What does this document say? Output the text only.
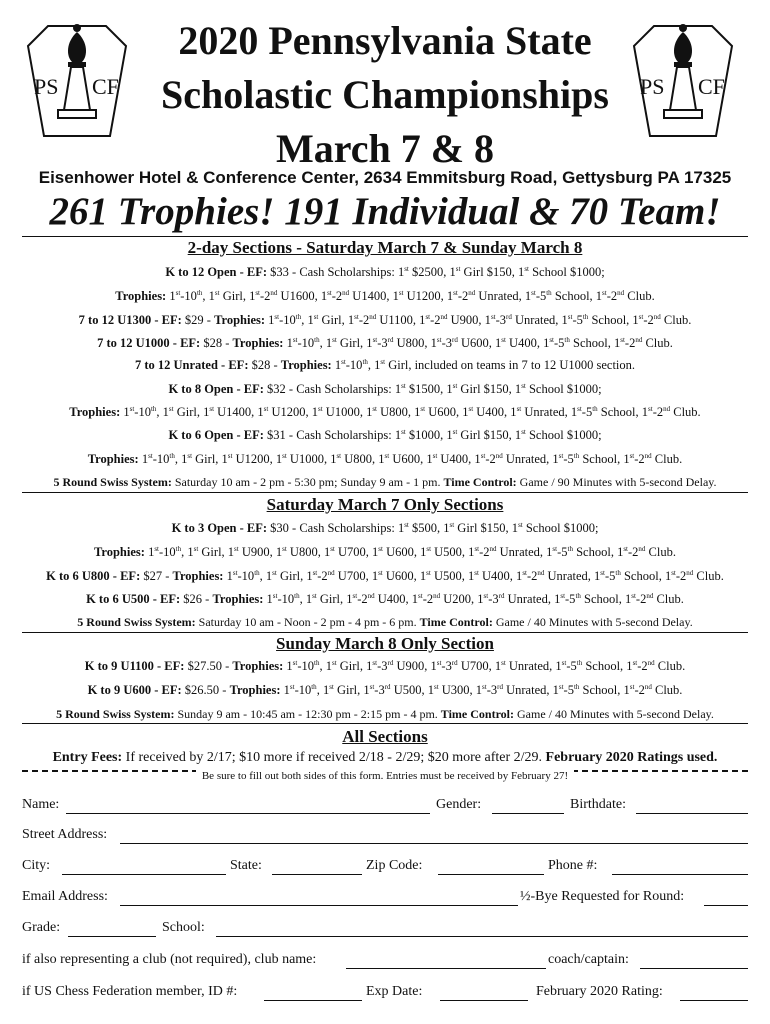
PS CF	PS CF
2020 Pennsylvania State
Scholastic Championships
March 7 & 8
Eisenhower Hotel & Conference Center, 2634 Emmitsburg Road, Gettysburg PA 17325
261 Trophies! 191 Individual & 70 Team!
2-day Sections - Saturday March 7 & Sunday March 8
K to 12 Open - EF: $33 - Cash Scholarships: 1st $2500, 1st Girl $150, 1st School $1000;
Trophies: 1st-10th, 1st Girl, 1st-2nd U1600, 1st-2nd U1400, 1st U1200, 1st-2nd Unrated, 1st-5th School, 1st-2nd Club.
7 to 12 U1300 - EF: $29 - Trophies: 1st-10th, 1st Girl, 1st-2nd U1100, 1st-2nd U900, 1st-3rd Unrated, 1st-5th School, 1st-2nd Club.
7 to 12 U1000 - EF: $28 - Trophies: 1st-10th, 1st Girl, 1st-3rd U800, 1st-3rd U600, 1st U400, 1st-5th School, 1st-2nd Club.
7 to 12 Unrated - EF: $28 - Trophies: 1st-10th, 1st Girl, included on teams in 7 to 12 U1000 section.
K to 8 Open - EF: $32 - Cash Scholarships: 1st $1500, 1st Girl $150, 1st School $1000;
Trophies: 1st-10th, 1st Girl, 1st U1400, 1st U1200, 1st U1000, 1st U800, 1st U600, 1st U400, 1st Unrated, 1st-5th School, 1st-2nd Club.
K to 6 Open - EF: $31 - Cash Scholarships: 1st $1000, 1st Girl $150, 1st School $1000;
Trophies: 1st-10th, 1st Girl, 1st U1200, 1st U1000, 1st U800, 1st U600, 1st U400, 1st-2nd Unrated, 1st-5th School, 1st-2nd Club.
5 Round Swiss System: Saturday 10 am - 2 pm - 5:30 pm; Sunday 9 am - 1 pm. Time Control: Game / 90 Minutes with 5-second Delay.
Saturday March 7 Only Sections
K to 3 Open - EF: $30 - Cash Scholarships: 1st $500, 1st Girl $150, 1st School $1000;
Trophies: 1st-10th, 1st Girl, 1st U900, 1st U800, 1st U700, 1st U600, 1st U500, 1st-2nd Unrated, 1st-5th School, 1st-2nd Club.
K to 6 U800 - EF: $27 - Trophies: 1st-10th, 1st Girl, 1st-2nd U700, 1st U600, 1st U500, 1st U400, 1st-2nd Unrated, 1st-5th School, 1st-2nd Club.
K to 6 U500 - EF: $26 - Trophies: 1st-10th, 1st Girl, 1st-2nd U400, 1st-2nd U200, 1st-3rd Unrated, 1st-5th School, 1st-2nd Club.
5 Round Swiss System: Saturday 10 am - Noon - 2 pm - 4 pm - 6 pm. Time Control: Game / 40 Minutes with 5-second Delay.
Sunday March 8 Only Section
K to 9 U1100 - EF: $27.50 - Trophies: 1st-10th, 1st Girl, 1st-3rd U900, 1st-3rd U700, 1st Unrated, 1st-5th School, 1st-2nd Club.
K to 9 U600 - EF: $26.50 - Trophies: 1st-10th, 1st Girl, 1st-3rd U500, 1st U300, 1st-3rd Unrated, 1st-5th School, 1st-2nd Club.
5 Round Swiss System: Sunday 9 am - 10:45 am - 12:30 pm - 2:15 pm - 4 pm. Time Control: Game / 40 Minutes with 5-second Delay.
All Sections
Entry Fees: If received by 2/17; $10 more if received 2/18 - 2/29; $20 more after 2/29. February 2020 Ratings used.
Be sure to fill out both sides of this form. Entries must be received by February 27!
Name:	Gender:	Birthdate:
Street Address:
City:	State:	Zip Code:	Phone #:
Email Address:	½-Bye Requested for Round:
Grade:	School:
if also representing a club (not required), club name:	coach/captain:
if US Chess Federation member, ID #:	Exp Date:	February 2020 Rating:
